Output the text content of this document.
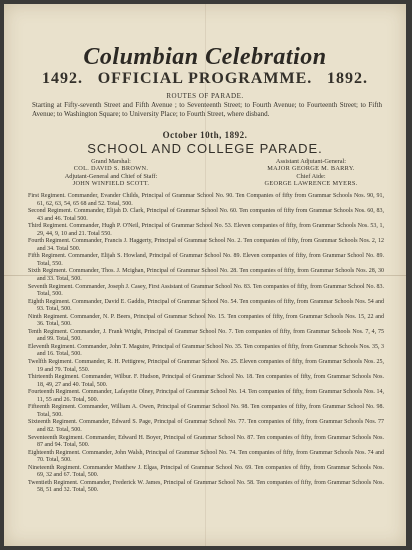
Columbian Celebration
1492. OFFICIAL PROGRAMME. 1892.
ROUTES OF PARADE.
Starting at Fifty-seventh Street and Fifth Avenue ; to Seventeenth Street; to Fourth Avenue; to Fourteenth Street; to Fifth Avenue; to Washington Square; to University Place; to Fourth Street, where disband.
October 10th, 1892.
SCHOOL AND COLLEGE PARADE.
Grand Marshal:
COL. DAVID S. BROWN.
Assistant Adjutant-General:
MAJOR GEORGE M. BARRY.
Adjutant-General and Chief of Staff:
JOHN WINFIELD SCOTT.
Chief Aide:
GEORGE LAWRENCE MYERS.

First Regiment. Commander, Evander Childs, Principal of Grammar School No. 90. Ten Companies of fifty from Grammar Schools Nos. 90, 91, 61, 62, 63, 54, 65 68 and 52. Total, 500.

Second Regiment. Commander, Elijah D. Clark, Principal of Grammar School No. 60. Ten companies of fifty from Grammar Schools Nos. 60, 83, 43 and 46. Total 500.

Third Regiment. Commander, Hugh P. O'Neil, Principal of Grammar School No. 53. Eleven companies of fifty, from Grammar Schools Nos. 53, 1, 29, 44, 9, 10 and 21. Total 550.

Fourth Regiment. Commander, Francis J. Haggerty, Principal of Grammar School No. 2. Ten companies of fifty, from Grammar Schools Nos. 2, 12 and 34. Total 500.

Fifth Regiment. Commander, Elijah S. Howland, Principal of Grammar School No. 89. Eleven companies of fifty, from Grammar School No. 89. Total, 550.

Sixth Regiment. Commander, Thos. J. Mcighan, Principal of Grammar School No. 28. Ten companies of fifty, from Grammar Schools Nos. 28, 30 and 33. Total, 500.

Seventh Regiment. Commander, Joseph J. Casey, First Assistant of Grammar School No. 83. Ten companies of fifty, from Grammar School No. 83. Total, 500.

Eighth Regiment. Commander, David E. Gaddis, Principal of Grammar School No. 54. Ten companies of fifty, from Grammar Schools Nos. 54 and 93. Total, 500.

Ninth Regiment. Commander, N. P. Beers, Principal of Grammar School No. 15. Ten companies of fifty, from Grammar Schools Nos. 15, 22 and 36. Total, 500.

Tenth Regiment. Commander, J. Frank Wright, Principal of Grammar School No. 7. Ten companies of fifty, from Grammar Schools Nos. 7, 4, 75 and 99. Total, 500.

Eleventh Regiment. Commander, John T. Maguire, Principal of Grammar School No. 35. Ten companies of fifty, from Grammar Schools Nos. 35, 3 and 16. Total, 500.

Twelfth Regiment. Commander, R. H. Pettigrew, Principal of Grammar School No. 25. Eleven companies of fifty, from Grammar Schools Nos. 25, 19 and 79. Total, 550.

Thirteenth Regiment. Commander, Wilbur. F. Hudson, Principal of Grammar School No. 18. Ten companies of fifty, from Grammar Schools Nos. 18, 49, 27 and 40. Total, 500.

Fourteenth Regiment. Commander, Lafayette Olney, Principal of Grammar School No. 14. Ten companies of fifty, from Grammar Schools Nos. 14, 11, 55 and 26. Total, 500.

Fifteenth Regiment. Commander, William A. Owen, Principal of Grammar School No. 98. Ten companies of fifty, from Grammar School No. 98. Total, 500.

Sixteenth Regiment. Commander, Edward S. Page, Principal of Grammar School No. 77. Ten companies of fifty, from Grammar Schools Nos. 77 and 82. Total, 500.

Seventeenth Regiment. Commander, Edward H. Boyer, Principal of Grammar School No. 87. Ten companies of fifty, from Grammar Schools Nos. 87 and 94. Total, 500.

Eighteenth Regiment. Commander, John Walsh, Principal of Grammar School No. 74. Ten companies of fifty, from Grammar Schools Nos. 74 and 70. Total, 500.

Nineteenth Regiment. Commander Matthew J. Elgas, Principal of Grammar School No. 69. Ten companies of fifty, from Grammar Schools Nos. 69, 32 and 67. Total, 500.

Twentieth Regiment. Commander, Frederick W. James, Principal of Grammar School No. 58. Ten companies of fifty, from Grammar Schools Nos. 58, 51 and 32. Total, 500.
